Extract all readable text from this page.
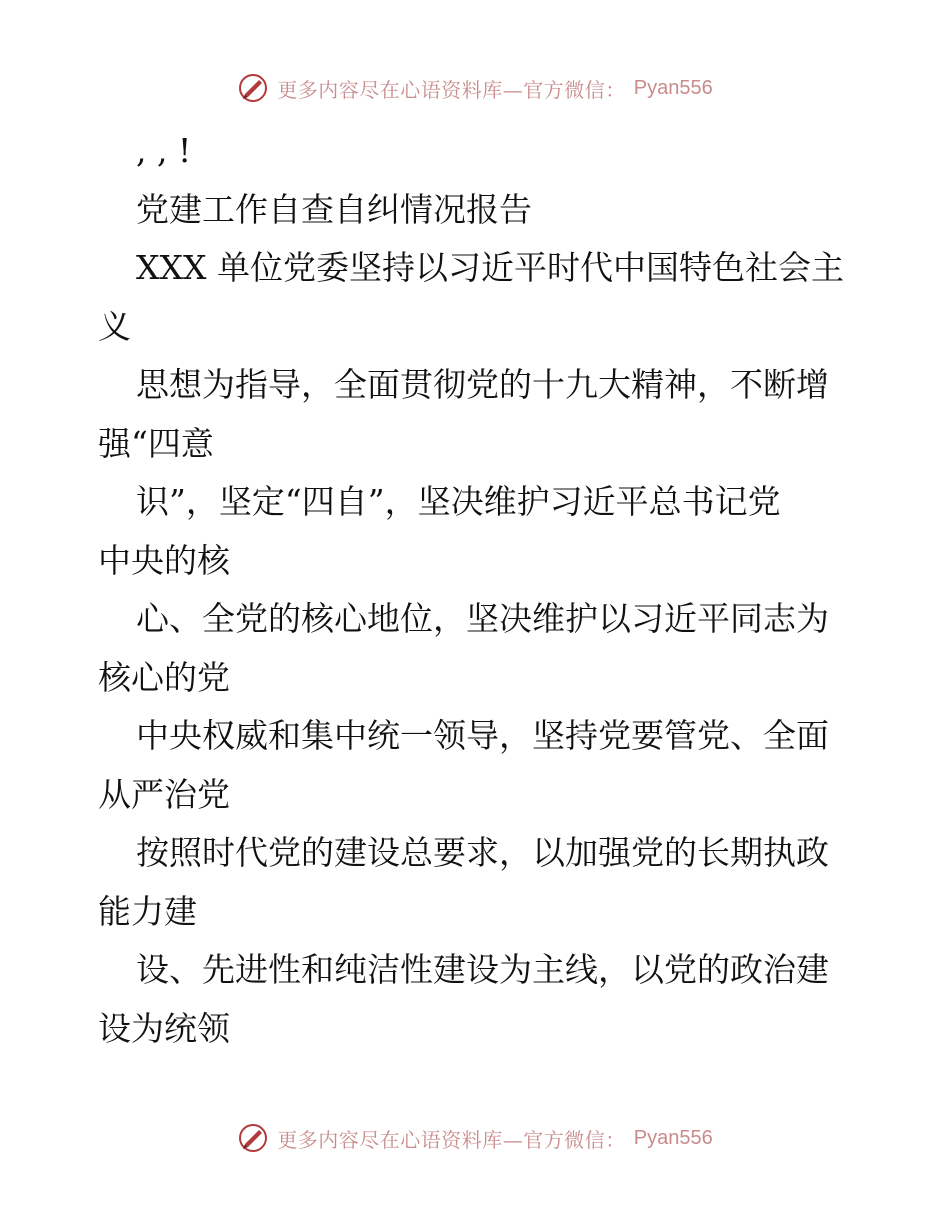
更多内容尽在心语资料库—官方微信： Pyan556
, , !
党建工作自查自纠情况报告
XXX 单位党委坚持以习近平时代中国特色社会主
义
思想为指导，全面贯彻党的十九大精神，不断增
强“四意
识”，坚定“四自”，坚决维护习近平总书记党
中央的核
心、全党的核心地位，坚决维护以习近平同志为
核心的党
中央权威和集中统一领导，坚持党要管党、全面
从严治党
按照时代党的建设总要求，以加强党的长期执政
能力建
设、先进性和纯洁性建设为主线，以党的政治建
设为统领
更多内容尽在心语资料库—官方微信： Pyan556
